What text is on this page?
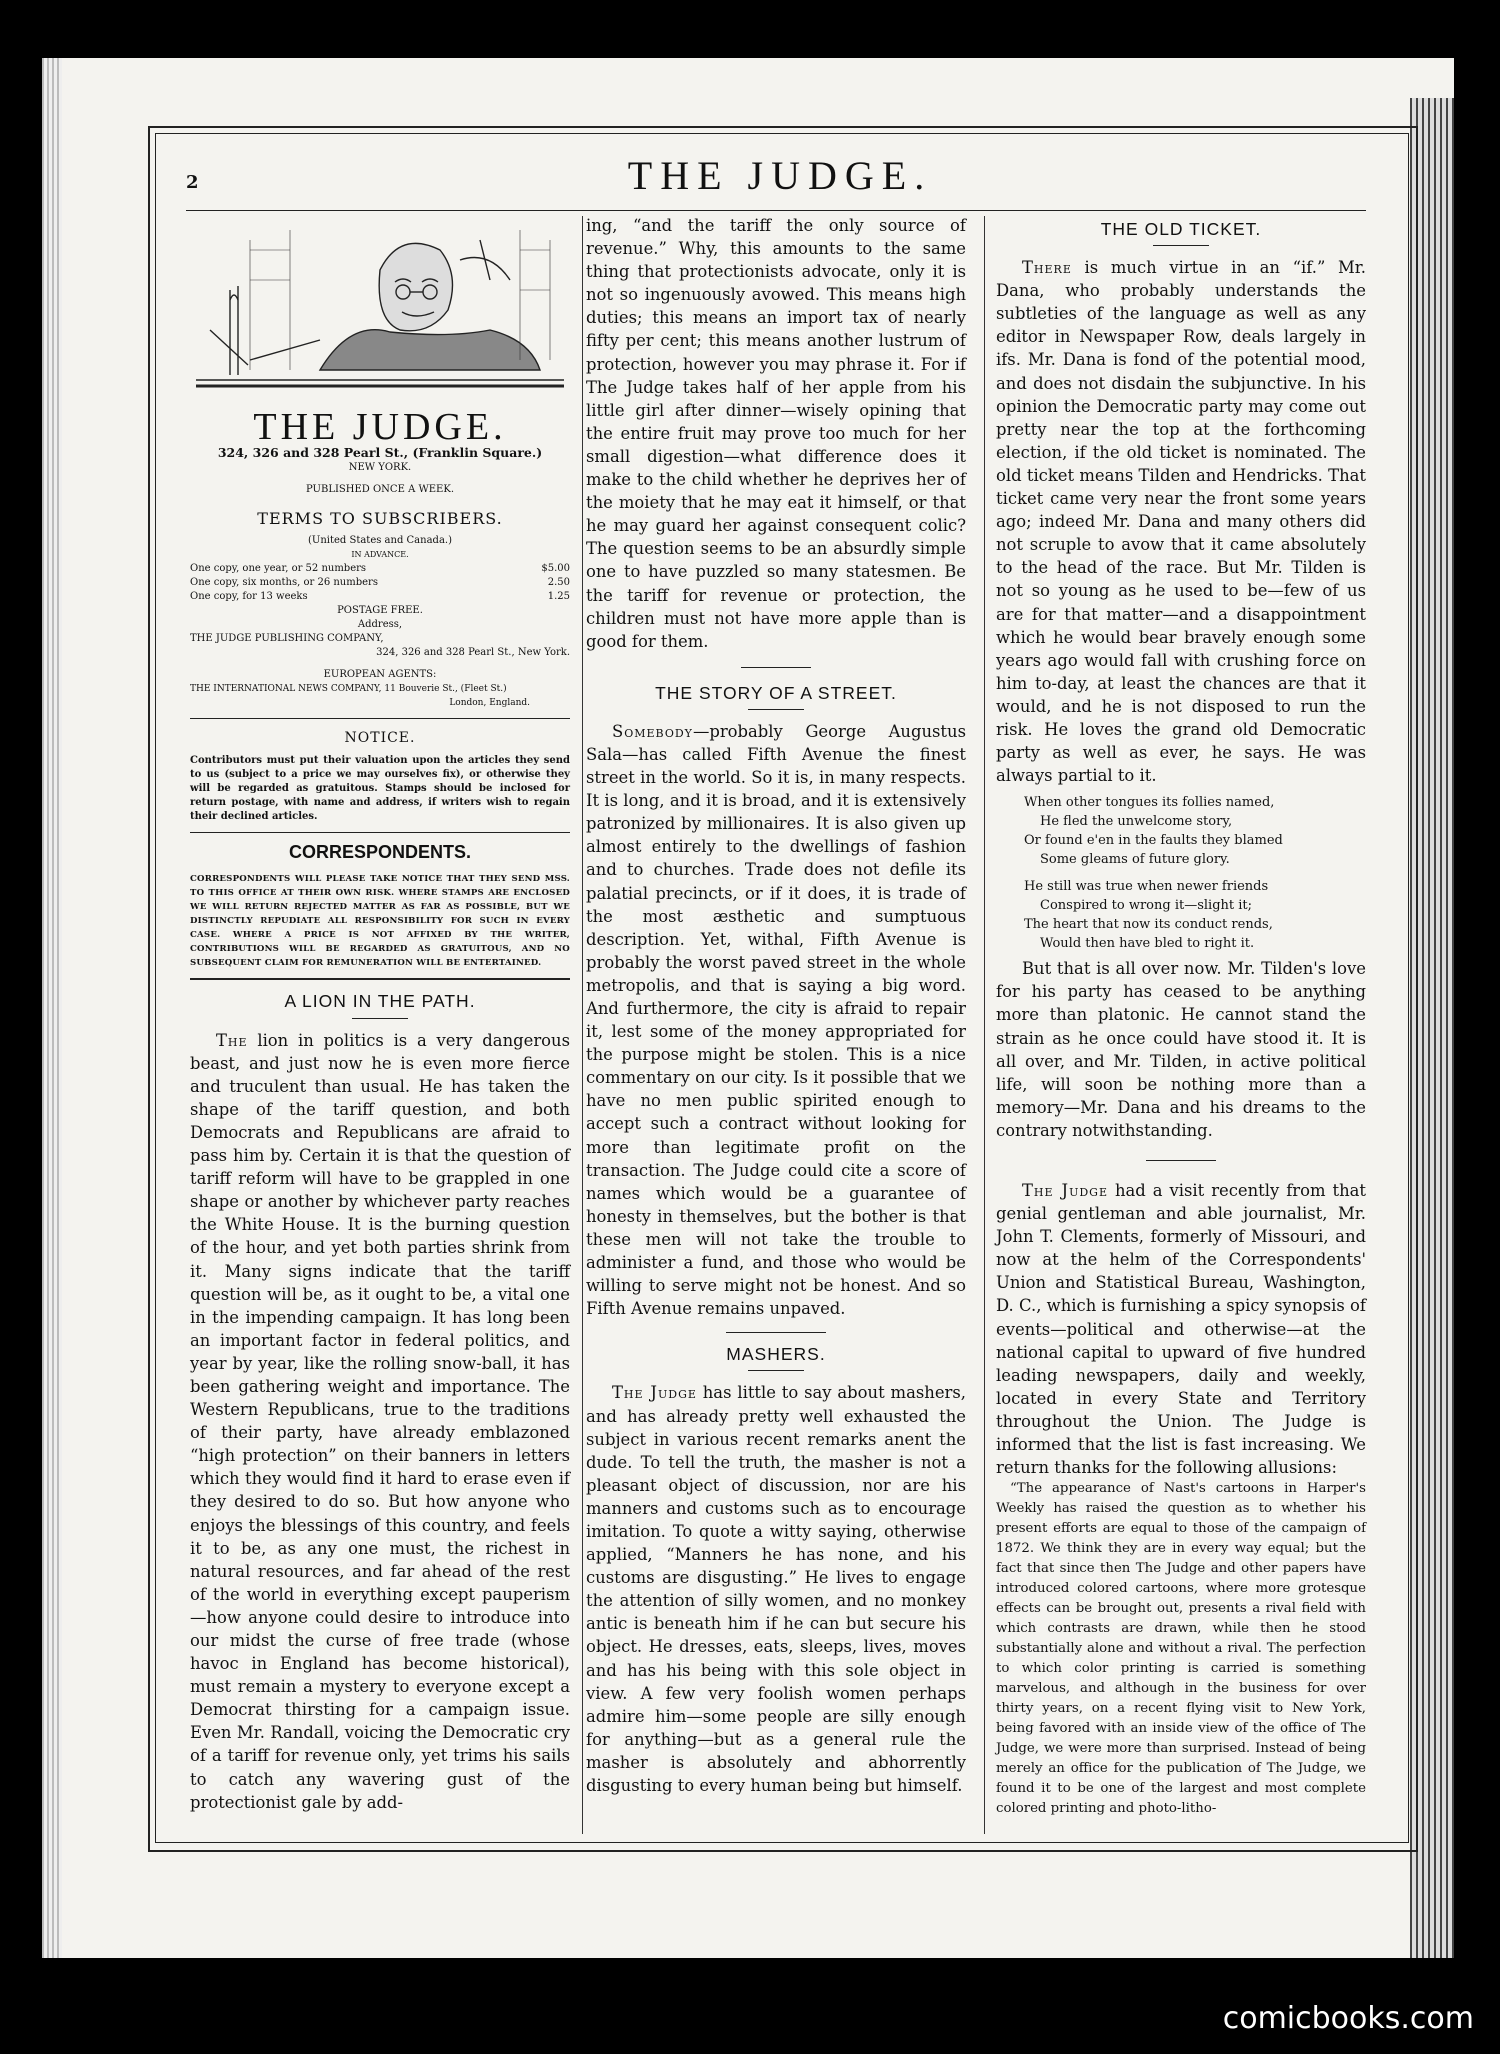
2	THE JUDGE.
THE JUDGE.
324, 326 and 328 Pearl St., (Franklin Square.)
NEW YORK.
PUBLISHED ONCE A WEEK.
TERMS TO SUBSCRIBERS.
(United States and Canada.)
IN ADVANCE.
One copy, one year, or 52 numbers	$5.00
One copy, six months, or 26 numbers	2.50
One copy, for 13 weeks	1.25
POSTAGE FREE.
Address,
THE JUDGE PUBLISHING COMPANY,
324, 326 and 328 Pearl St., New York.
EUROPEAN AGENTS:
THE INTERNATIONAL NEWS COMPANY, 11 Bouverie St., (Fleet St.)
London, England.
NOTICE.
Contributors must put their valuation upon the articles they send to us (subject to a price we may ourselves fix), or otherwise they will be regarded as gratuitous. Stamps should be inclosed for return postage, with name and address, if writers wish to regain their declined articles.
CORRESPONDENTS.
CORRESPONDENTS WILL PLEASE TAKE NOTICE THAT THEY SEND MSS. TO THIS OFFICE AT THEIR OWN RISK. WHERE STAMPS ARE ENCLOSED WE WILL RETURN REJECTED MATTER AS FAR AS POSSIBLE, BUT WE DISTINCTLY REPUDIATE ALL RESPONSIBILITY FOR SUCH IN EVERY CASE. WHERE A PRICE IS NOT AFFIXED BY THE WRITER, CONTRIBUTIONS WILL BE REGARDED AS GRATUITOUS, AND NO SUBSEQUENT CLAIM FOR REMUNERATION WILL BE ENTERTAINED.
A LION IN THE PATH.

The lion in politics is a very dangerous beast, and just now he is even more fierce and truculent than usual. He has taken the shape of the tariff question, and both Democrats and Republicans are afraid to pass him by. Certain it is that the question of tariff reform will have to be grappled in one shape or another by whichever party reaches the White House. It is the burning question of the hour, and yet both parties shrink from it. Many signs indicate that the tariff question will be, as it ought to be, a vital one in the impending campaign. It has long been an important factor in federal politics, and year by year, like the rolling snow-ball, it has been gathering weight and importance. The Western Republicans, true to the traditions of their party, have already emblazoned “high protection” on their banners in letters which they would find it hard to erase even if they desired to do so. But how anyone who enjoys the blessings of this country, and feels it to be, as any one must, the richest in natural resources, and far ahead of the rest of the world in everything except pauperism—how anyone could desire to introduce into our midst the curse of free trade (whose havoc in England has become historical), must remain a mystery to everyone except a Democrat thirsting for a campaign issue. Even Mr. Randall, voicing the Democratic cry of a tariff for revenue only, yet trims his sails to catch any wavering gust of the protectionist gale by add-

ing, “and the tariff the only source of revenue.” Why, this amounts to the same thing that protectionists advocate, only it is not so ingenuously avowed. This means high duties; this means an import tax of nearly fifty per cent; this means another lustrum of protection, however you may phrase it. For if The Judge takes half of her apple from his little girl after dinner—wisely opining that the entire fruit may prove too much for her small digestion—what difference does it make to the child whether he deprives her of the moiety that he may eat it himself, or that he may guard her against consequent colic? The question seems to be an absurdly simple one to have puzzled so many statesmen. Be the tariff for revenue or protection, the children must not have more apple than is good for them.

THE STORY OF A STREET.

Somebody—probably George Augustus Sala—has called Fifth Avenue the finest street in the world. So it is, in many respects. It is long, and it is broad, and it is extensively patronized by millionaires. It is also given up almost entirely to the dwellings of fashion and to churches. Trade does not defile its palatial precincts, or if it does, it is trade of the most æsthetic and sumptuous description. Yet, withal, Fifth Avenue is probably the worst paved street in the whole metropolis, and that is saying a big word. And furthermore, the city is afraid to repair it, lest some of the money appropriated for the purpose might be stolen. This is a nice commentary on our city. Is it possible that we have no men public spirited enough to accept such a contract without looking for more than legitimate profit on the transaction. The Judge could cite a score of names which would be a guarantee of honesty in themselves, but the bother is that these men will not take the trouble to administer a fund, and those who would be willing to serve might not be honest. And so Fifth Avenue remains unpaved.

MASHERS.

The Judge has little to say about mashers, and has already pretty well exhausted the subject in various recent remarks anent the dude. To tell the truth, the masher is not a pleasant object of discussion, nor are his manners and customs such as to encourage imitation. To quote a witty saying, otherwise applied, “Manners he has none, and his customs are disgusting.” He lives to engage the attention of silly women, and no monkey antic is beneath him if he can but secure his object. He dresses, eats, sleeps, lives, moves and has his being with this sole object in view. A few very foolish women perhaps admire him—some people are silly enough for anything—but as a general rule the masher is absolutely and abhorrently disgusting to every human being but himself.

THE OLD TICKET.

There is much virtue in an “if.” Mr. Dana, who probably understands the subtleties of the language as well as any editor in Newspaper Row, deals largely in ifs. Mr. Dana is fond of the potential mood, and does not disdain the subjunctive. In his opinion the Democratic party may come out pretty near the top at the forthcoming election, if the old ticket is nominated. The old ticket means Tilden and Hendricks. That ticket came very near the front some years ago; indeed Mr. Dana and many others did not scruple to avow that it came absolutely to the head of the race. But Mr. Tilden is not so young as he used to be—few of us are for that matter—and a disappointment which he would bear bravely enough some years ago would fall with crushing force on him to-day, at least the chances are that it would, and he is not disposed to run the risk. He loves the grand old Democratic party as well as ever, he says. He was always partial to it.

When other tongues its follies named,
He fled the unwelcome story,
Or found e'en in the faults they blamed
Some gleams of future glory.
He still was true when newer friends
Conspired to wrong it—slight it;
The heart that now its conduct rends,
Would then have bled to right it.

But that is all over now. Mr. Tilden's love for his party has ceased to be anything more than platonic. He cannot stand the strain as he once could have stood it. It is all over, and Mr. Tilden, in active political life, will soon be nothing more than a memory—Mr. Dana and his dreams to the contrary notwithstanding.

The Judge had a visit recently from that genial gentleman and able journalist, Mr. John T. Clements, formerly of Missouri, and now at the helm of the Correspondents' Union and Statistical Bureau, Washington, D. C., which is furnishing a spicy synopsis of events—political and otherwise—at the national capital to upward of five hundred leading newspapers, daily and weekly, located in every State and Territory throughout the Union. The Judge is informed that the list is fast increasing. We return thanks for the following allusions:

“The appearance of Nast's cartoons in Harper's Weekly has raised the question as to whether his present efforts are equal to those of the campaign of 1872. We think they are in every way equal; but the fact that since then The Judge and other papers have introduced colored cartoons, where more grotesque effects can be brought out, presents a rival field with which contrasts are drawn, while then he stood substantially alone and without a rival. The perfection to which color printing is carried is something marvelous, and although in the business for over thirty years, on a recent flying visit to New York, being favored with an inside view of the office of The Judge, we were more than surprised. Instead of being merely an office for the publication of The Judge, we found it to be one of the largest and most complete colored printing and photo-litho-

comicbooks.com
